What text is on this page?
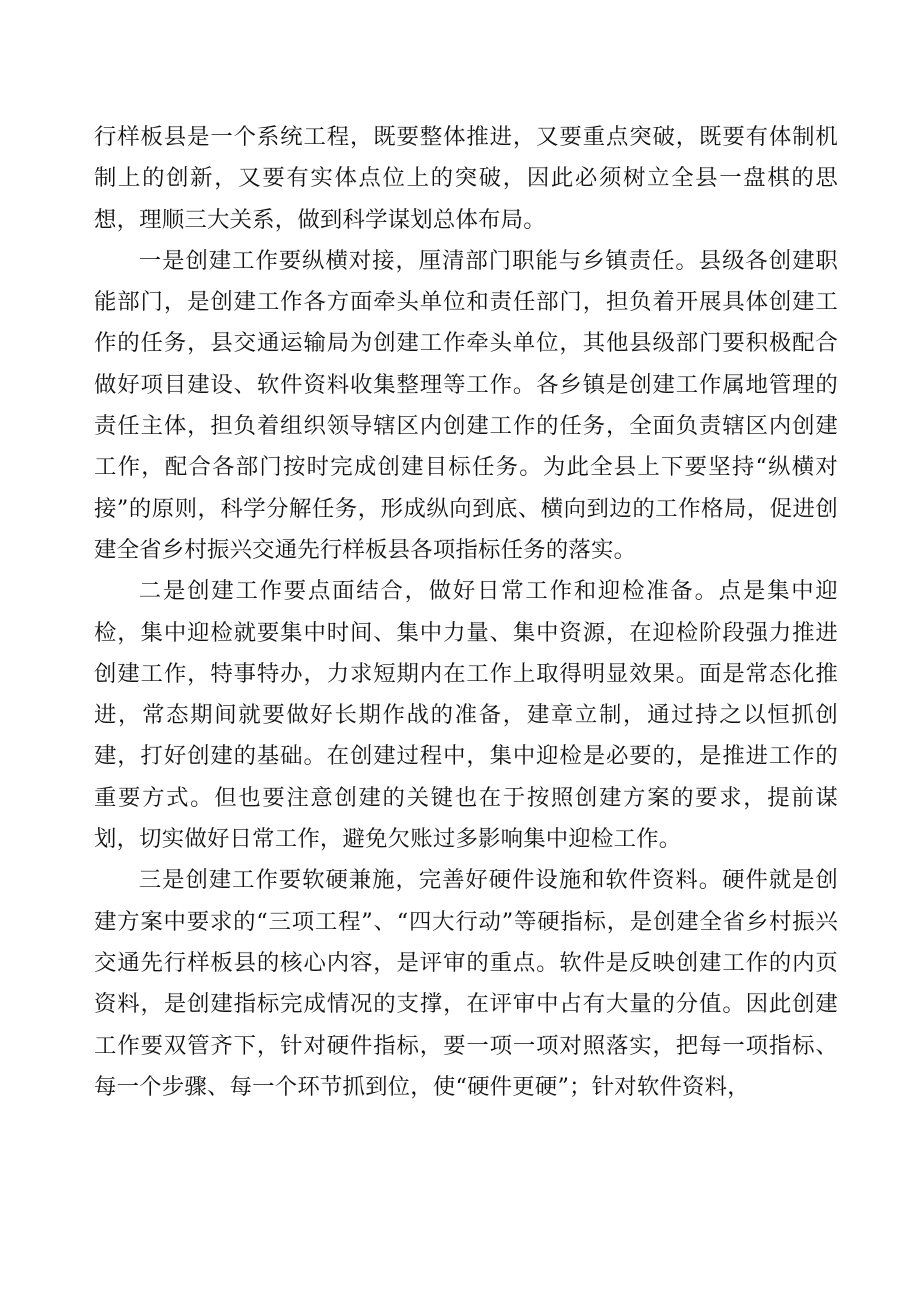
行样板县是一个系统工程，既要整体推进，又要重点突破，既要有体制机制上的创新，又要有实体点位上的突破，因此必须树立全县一盘棋的思想，理顺三大关系，做到科学谋划总体布局。

一是创建工作要纵横对接，厘清部门职能与乡镇责任。县级各创建职能部门，是创建工作各方面牵头单位和责任部门，担负着开展具体创建工作的任务，县交通运输局为创建工作牵头单位，其他县级部门要积极配合做好项目建设、软件资料收集整理等工作。各乡镇是创建工作属地管理的责任主体，担负着组织领导辖区内创建工作的任务，全面负责辖区内创建工作，配合各部门按时完成创建目标任务。为此全县上下要坚持“纵横对接”的原则，科学分解任务，形成纵向到底、横向到边的工作格局，促进创建全省乡村振兴交通先行样板县各项指标任务的落实。

二是创建工作要点面结合，做好日常工作和迎检准备。点是集中迎检，集中迎检就要集中时间、集中力量、集中资源，在迎检阶段强力推进创建工作，特事特办，力求短期内在工作上取得明显效果。面是常态化推进，常态期间就要做好长期作战的准备，建章立制，通过持之以恒抓创建，打好创建的基础。在创建过程中，集中迎检是必要的，是推进工作的重要方式。但也要注意创建的关键也在于按照创建方案的要求，提前谋划，切实做好日常工作，避免欠账过多影响集中迎检工作。

三是创建工作要软硬兼施，完善好硬件设施和软件资料。硬件就是创建方案中要求的“三项工程”、“四大行动”等硬指标，是创建全省乡村振兴交通先行样板县的核心内容，是评审的重点。软件是反映创建工作的内页资料，是创建指标完成情况的支撑，在评审中占有大量的分值。因此创建工作要双管齐下，针对硬件指标，要一项一项对照落实，把每一项指标、每一个步骤、每一个环节抓到位，使“硬件更硬”；针对软件资料，
